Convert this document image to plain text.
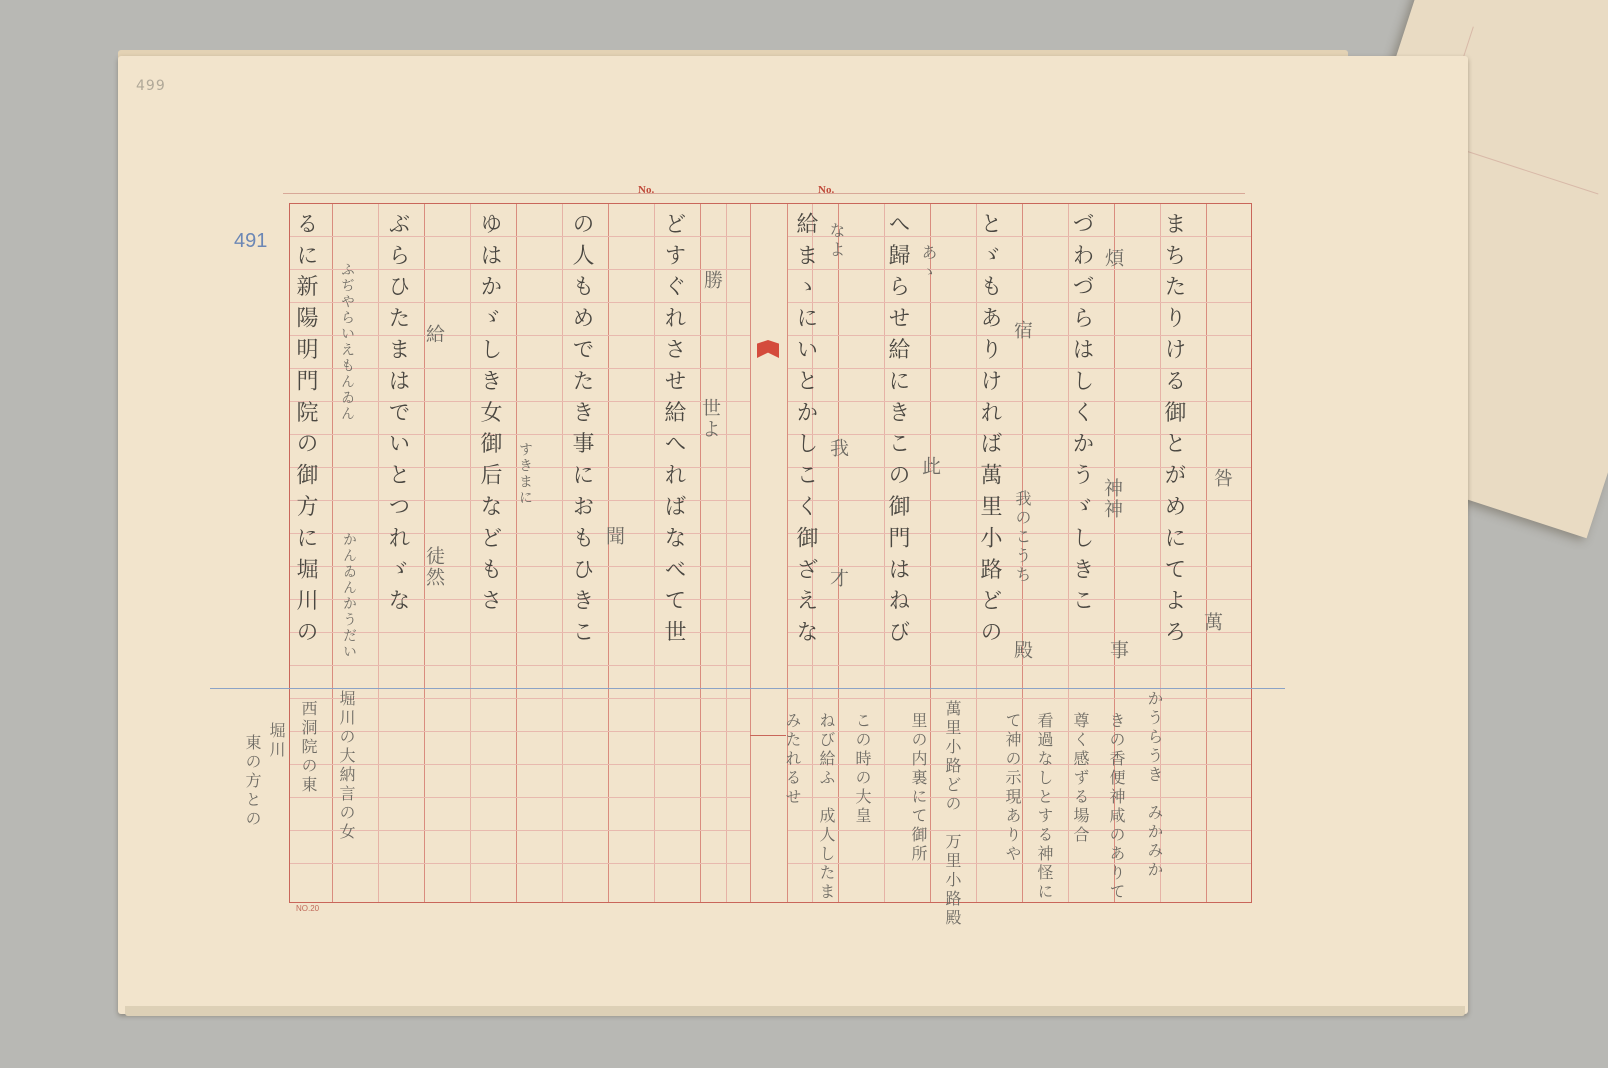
499
491
No.	No.
まちたりける御とがめにてよろ
づわづらはしくかうゞしきこ
とゞもありければ萬里小路どの
へ歸らせ給にきこの御門はねび
給まゝにいとかしこく御ざえな
どすぐれさせ給へればなべて世
の人もめでたき事におもひきこ
ゆはかゞしき女御后などもさ
ぶらひたまはでいとつれゞな
るに新陽明門院の御方に堀川の	咎
萬
煩
神神
事
宿
殿
我のこうち
此
あゝ
なよ
才
我
勝
世よ
聞
すきまに
給
徒然
かうらうき　みかみか
きの香便神咸のありて
尊く感ずる場合
看過なしとする神怪に
て神の示現ありや
萬里小路どの　万里小路殿
里の内裏にて御所
この時の大皇
ねび給ふ　成人したま
みたれるせ
堀川の大納言の女
西洞院の東
堀川
東の方との
ふぢやらいえもんゐん
かんゐんかうだい
NO.20
